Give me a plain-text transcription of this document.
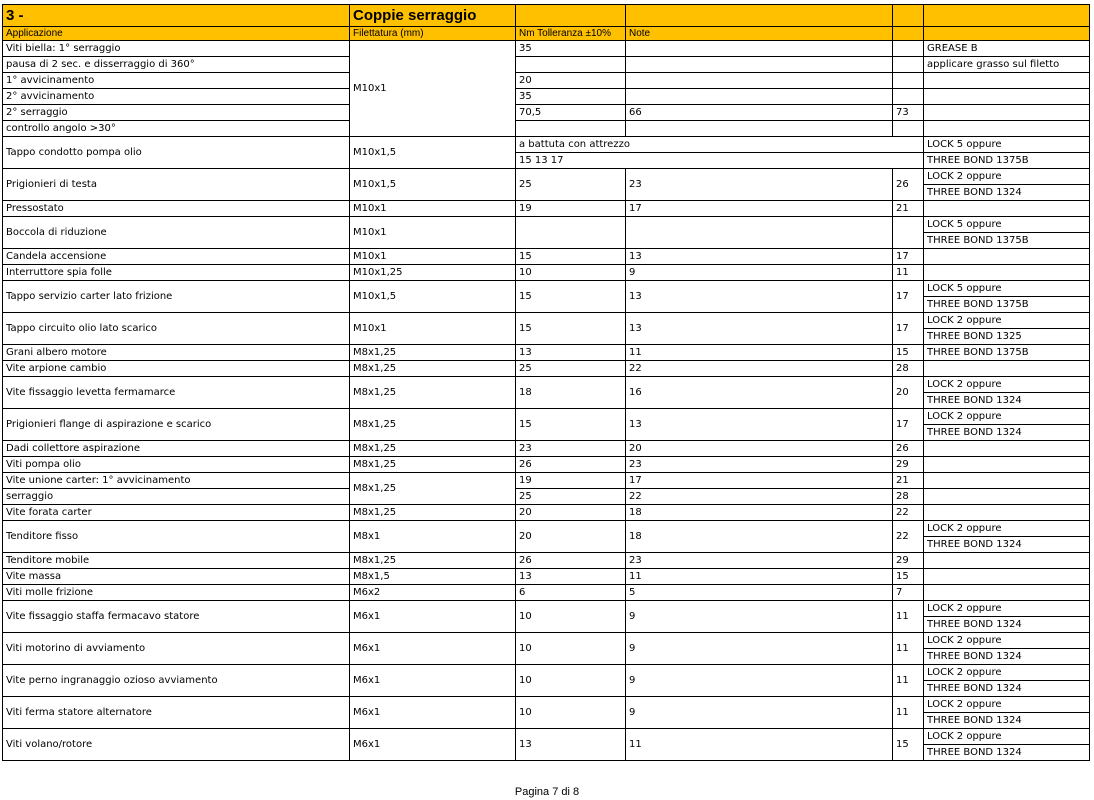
3 -	Coppie serraggio				
Applicazione	Filettatura (mm)	Nm Tolleranza ±10%	Note		
Viti biella: 1° serraggio	M10x1	35			GREASE B
pausa di 2 sec. e disserraggio di 360°					applicare grasso sul filetto
1° avvicinamento		20			
2° avvicinamento		35			
2° serraggio		70,5	66	73	
controllo angolo >30°					
Tappo condotto pompa olio	M10x1,5	a battuta con attrezzo			LOCK 5 oppure
		15 13 17			THREE BOND 1375B
Prigionieri di testa	M10x1,5	25	23	26	LOCK 2 oppure
					THREE BOND 1324
Pressostato	M10x1	19	17	21	
Boccola di riduzione	M10x1				LOCK 5 oppure
					THREE BOND 1375B
Candela accensione	M10x1	15	13	17	
Interruttore spia folle	M10x1,25	10	9	11	
Tappo servizio carter lato frizione	M10x1,5	15	13	17	LOCK 5 oppure
					THREE BOND 1375B
Tappo circuito olio lato scarico	M10x1	15	13	17	LOCK 2 oppure
					THREE BOND 1325
Grani albero motore	M8x1,25	13	11	15	THREE BOND 1375B
Vite arpione cambio	M8x1,25	25	22	28	
Vite fissaggio levetta fermamarce	M8x1,25	18	16	20	LOCK 2 oppure
					THREE BOND 1324
Prigionieri flange di aspirazione e scarico	M8x1,25	15	13	17	LOCK 2 oppure
					THREE BOND 1324
Dadi collettore aspirazione	M8x1,25	23	20	26	
Viti pompa olio	M8x1,25	26	23	29	
Vite unione carter: 1° avvicinamento	M8x1,25	19	17	21	
serraggio		25	22	28	
Vite forata carter	M8x1,25	20	18	22	
Tenditore fisso	M8x1	20	18	22	LOCK 2 oppure
					THREE BOND 1324
Tenditore mobile	M8x1,25	26	23	29	
Vite massa	M8x1,5	13	11	15	
Viti molle frizione	M6x2	6	5	7	
Vite fissaggio staffa fermacavo statore	M6x1	10	9	11	LOCK 2 oppure
					THREE BOND 1324
Viti motorino di avviamento	M6x1	10	9	11	LOCK 2 oppure
					THREE BOND 1324
Vite perno ingranaggio ozioso avviamento	M6x1	10	9	11	LOCK 2 oppure
					THREE BOND 1324
Viti ferma statore alternatore	M6x1	10	9	11	LOCK 2 oppure
					THREE BOND 1324
Viti volano/rotore	M6x1	13	11	15	LOCK 2 oppure
					THREE BOND 1324
Pagina 7 di 8
